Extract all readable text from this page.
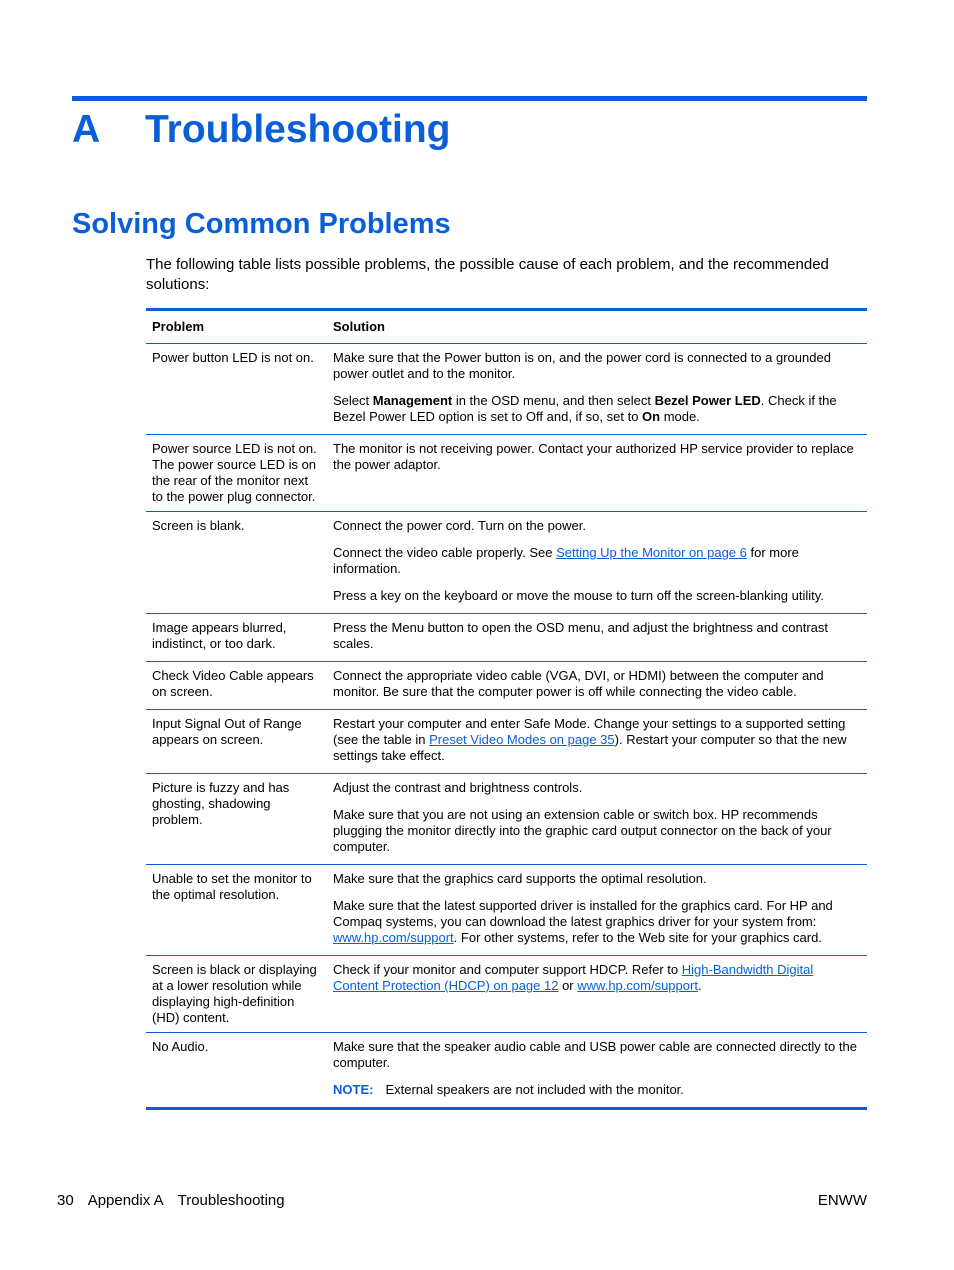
A Troubleshooting
Solving Common Problems
The following table lists possible problems, the possible cause of each problem, and the recommended solutions:
Problem	Solution
Power button LED is not on.	Make sure that the Power button is on, and the power cord is connected to a grounded power outlet and to the monitor.

Select Management in the OSD menu, and then select Bezel Power LED. Check if the Bezel Power LED option is set to Off and, if so, set to On mode.

Power source LED is not on. The power source LED is on the rear of the monitor next to the power plug connector.	The monitor is not receiving power. Contact your authorized HP service provider to replace the power adaptor.

Screen is blank.	Connect the power cord. Turn on the power.

Connect the video cable properly. See Setting Up the Monitor on page 6 for more information.

Press a key on the keyboard or move the mouse to turn off the screen-blanking utility.

Image appears blurred, indistinct, or too dark.	Press the Menu button to open the OSD menu, and adjust the brightness and contrast scales.

Check Video Cable appears on screen.	Connect the appropriate video cable (VGA, DVI, or HDMI) between the computer and monitor. Be sure that the computer power is off while connecting the video cable.

Input Signal Out of Range appears on screen.	Restart your computer and enter Safe Mode. Change your settings to a supported setting (see the table in Preset Video Modes on page 35). Restart your computer so that the new settings take effect.

Picture is fuzzy and has ghosting, shadowing problem.	Adjust the contrast and brightness controls.

Make sure that you are not using an extension cable or switch box. HP recommends plugging the monitor directly into the graphic card output connector on the back of your computer.

Unable to set the monitor to the optimal resolution.	Make sure that the graphics card supports the optimal resolution.

Make sure that the latest supported driver is installed for the graphics card. For HP and Compaq systems, you can download the latest graphics driver for your system from: www.hp.com/support. For other systems, refer to the Web site for your graphics card.

Screen is black or displaying at a lower resolution while displaying high-definition (HD) content.	Check if your monitor and computer support HDCP. Refer to High-Bandwidth Digital Content Protection (HDCP) on page 12 or www.hp.com/support.

No Audio.	Make sure that the speaker audio cable and USB power cable are connected directly to the computer.

NOTE: External speakers are not included with the monitor.

30 Appendix A Troubleshooting	ENWW
